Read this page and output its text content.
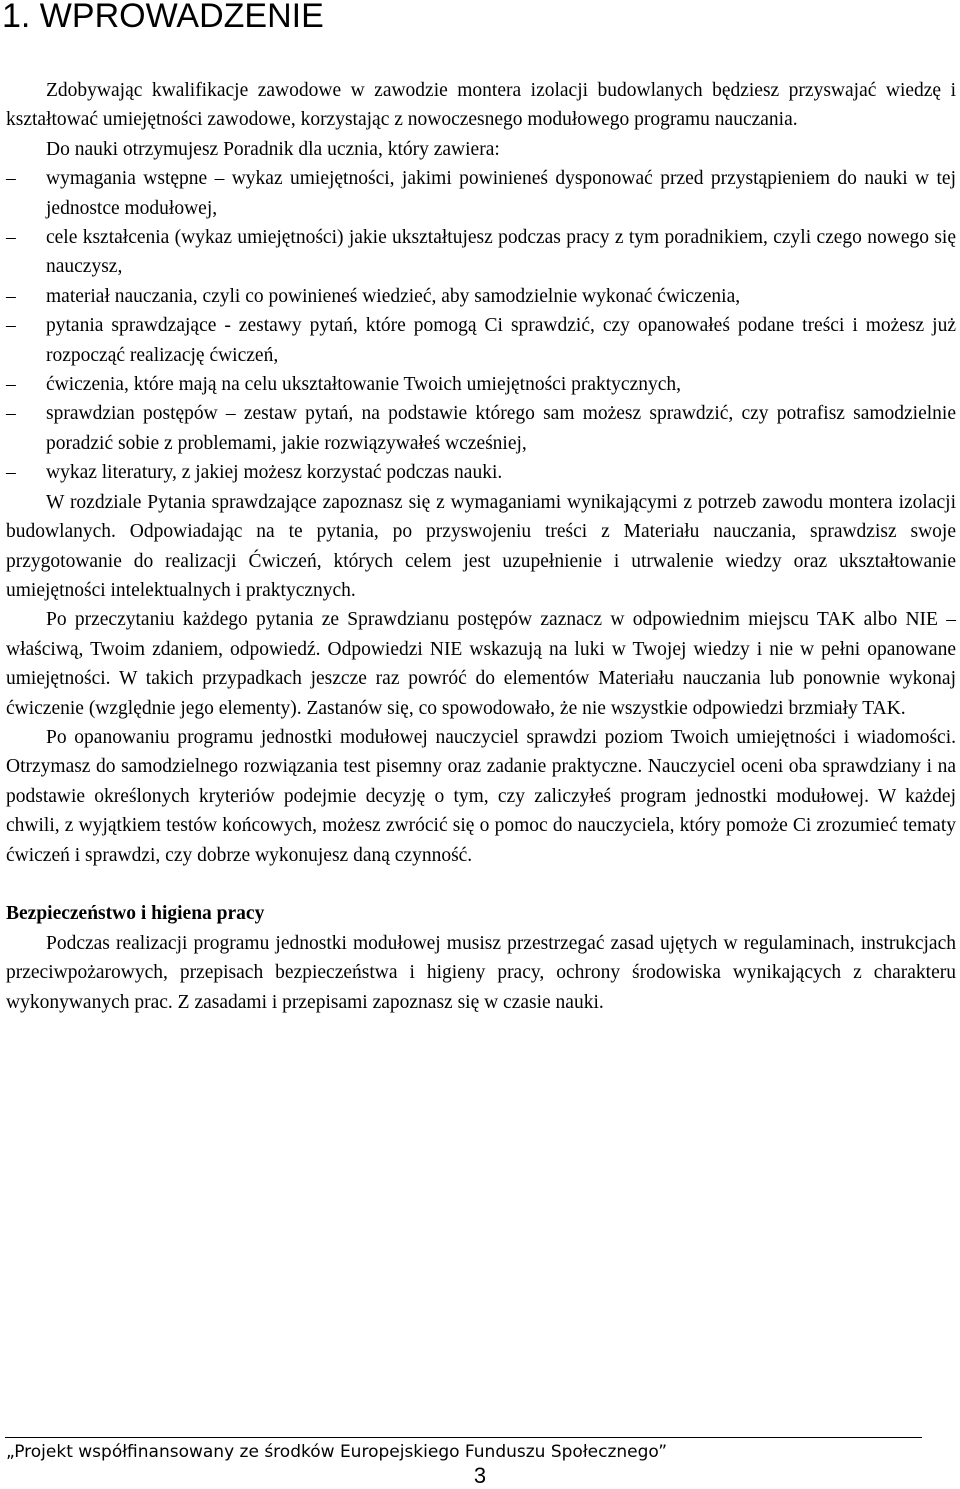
1. WPROWADZENIE

Zdobywając kwalifikacje zawodowe w zawodzie montera izolacji budowlanych będziesz przyswajać wiedzę i kształtować umiejętności zawodowe, korzystając z nowoczesnego modułowego programu nauczania.

Do nauki otrzymujesz Poradnik dla ucznia, który zawiera:

–	wymagania wstępne – wykaz umiejętności, jakimi powinieneś dysponować przed przystąpieniem do nauki w tej jednostce modułowej,
–	cele kształcenia (wykaz umiejętności) jakie ukształtujesz podczas pracy z tym poradnikiem, czyli czego nowego się nauczysz,
–	materiał nauczania, czyli co powinieneś wiedzieć, aby samodzielnie wykonać ćwiczenia,
–	pytania sprawdzające - zestawy pytań, które pomogą Ci sprawdzić, czy opanowałeś podane treści i możesz już rozpocząć realizację ćwiczeń,
–	ćwiczenia, które mają na celu ukształtowanie Twoich umiejętności praktycznych,
–	sprawdzian postępów – zestaw pytań, na podstawie którego sam możesz sprawdzić, czy potrafisz samodzielnie poradzić sobie z problemami, jakie rozwiązywałeś wcześniej,
–	wykaz literatury, z jakiej możesz korzystać podczas nauki.

W rozdziale Pytania sprawdzające zapoznasz się z wymaganiami wynikającymi z potrzeb zawodu montera izolacji budowlanych. Odpowiadając na te pytania, po przyswojeniu treści z Materiału nauczania, sprawdzisz swoje przygotowanie do realizacji Ćwiczeń, których celem jest uzupełnienie i utrwalenie wiedzy oraz ukształtowanie umiejętności intelektualnych i praktycznych.

Po przeczytaniu każdego pytania ze Sprawdzianu postępów zaznacz w odpowiednim miejscu TAK albo NIE – właściwą, Twoim zdaniem, odpowiedź. Odpowiedzi NIE wskazują na luki w Twojej wiedzy i nie w pełni opanowane umiejętności. W takich przypadkach jeszcze raz powróć do elementów Materiału nauczania lub ponownie wykonaj ćwiczenie (względnie jego elementy). Zastanów się, co spowodowało, że nie wszystkie odpowiedzi brzmiały TAK.

Po opanowaniu programu jednostki modułowej nauczyciel sprawdzi poziom Twoich umiejętności i wiadomości. Otrzymasz do samodzielnego rozwiązania test pisemny oraz zadanie praktyczne. Nauczyciel oceni oba sprawdziany i na podstawie określonych kryteriów podejmie decyzję o tym, czy zaliczyłeś program jednostki modułowej. W każdej chwili, z wyjątkiem testów końcowych, możesz zwrócić się o pomoc do nauczyciela, który pomoże Ci zrozumieć tematy ćwiczeń i sprawdzi, czy dobrze wykonujesz daną czynność.

Bezpieczeństwo i higiena pracy

Podczas realizacji programu jednostki modułowej musisz przestrzegać zasad ujętych w regulaminach, instrukcjach przeciwpożarowych, przepisach bezpieczeństwa i higieny pracy, ochrony środowiska wynikających z charakteru wykonywanych prac. Z zasadami i przepisami zapoznasz się w czasie nauki.

„Projekt współfinansowany ze środków Europejskiego Funduszu Społecznego”
3
